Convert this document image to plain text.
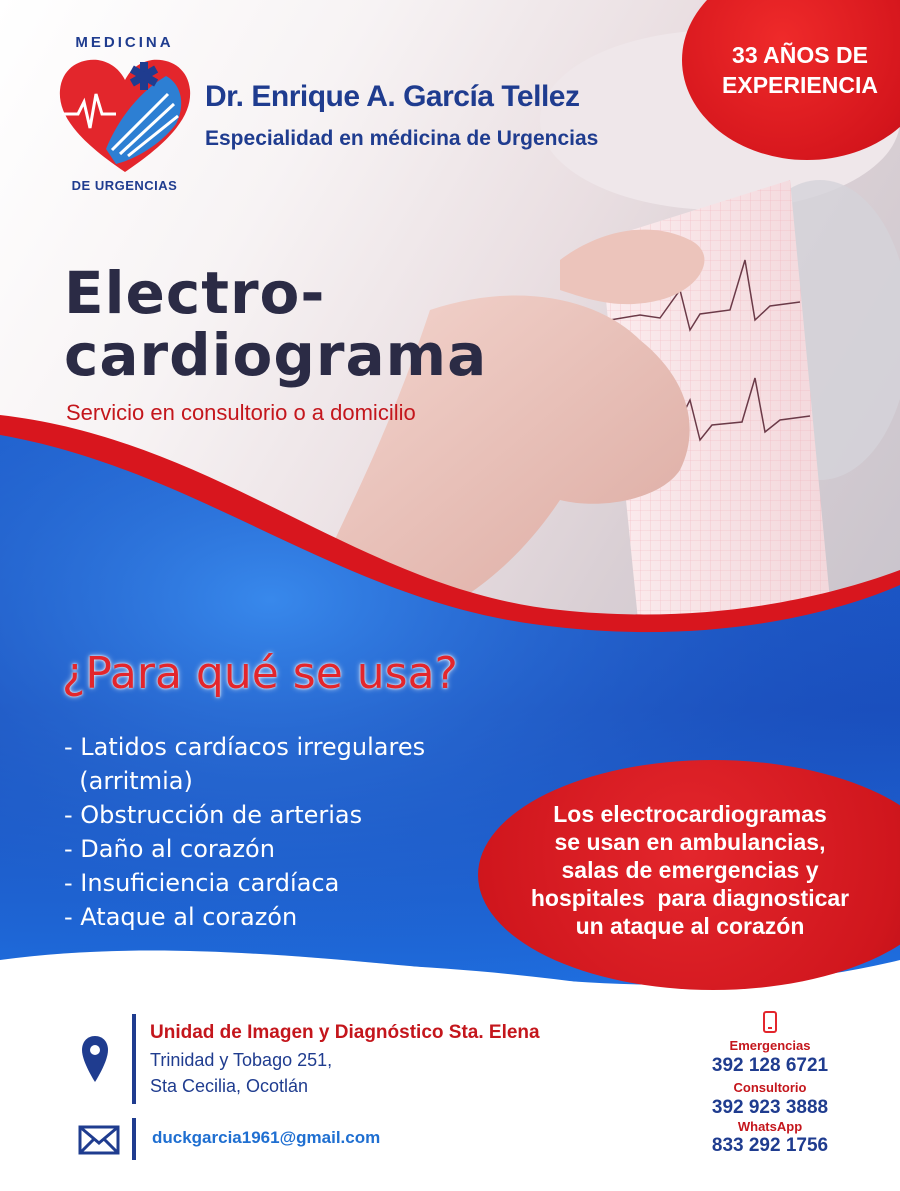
MEDICINA
DE URGENCIAS
Dr. Enrique A. García Tellez
Especialidad en médicina de Urgencias
33 AÑOS DE
EXPERIENCIA
Electro-
cardiograma
Servicio en consultorio o a domicilio
¿Para qué se usa?
- Latidos cardíacos irregulares
(arritmia)
- Obstrucción de arterias
- Daño al corazón
- Insuficiencia cardíaca
- Ataque al corazón
Los electrocardiogramas
se usan en ambulancias,
salas de emergencias y
hospitales  para diagnosticar
un ataque al corazón
Unidad de Imagen y Diagnóstico Sta. Elena
Trinidad y Tobago 251,
Sta Cecilia, Ocotlán
duckgarcia1961@gmail.com
Emergencias
392 128 6721
Consultorio
392 923 3888
WhatsApp
833 292 1756
